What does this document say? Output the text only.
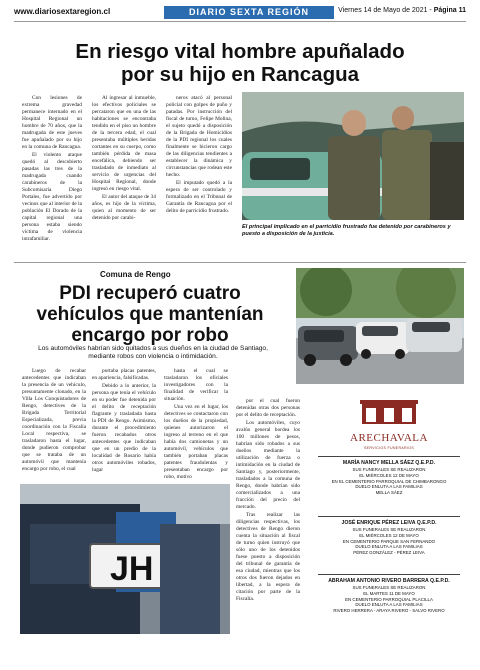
www.diariosextaregion.cl	DIARIO SEXTA REGIÓN	Viernes 14 de Mayo de 2021 - Página 11
En riesgo vital hombre apuñalado
por su hijo en Rancagua

Con lesiones de extrema gravedad permanece internado en el Hospital Regional un hombre de 70 años, que la madrugada de este jueves fue apuñalado por su hijo en la comuna de Rancagua.

El violento ataque quedó al descubierto pasadas las tres de la madrugada cuando carabineros de la Subcomisaría Diego Portales, fue advertido por vecinos que al interior de la población El Dorado de la capital regional una persona estaba siendo víctima de violencia intrafamiliar.

Al ingresar al inmueble, los efectivos policiales se percataron que en una de las habitaciones se encontraba tendido en el piso un hombre de la tercera edad, el cual presentaba múltiples heridas cortantes en su cuerpo, como también pérdida de masa encefálica, debiendo ser trasladado de inmediato al servicio de urgencias del Hospital Regional, donde ingresó en riesgo vital.

El autor del ataque de 34 años, es hijo de la víctima, quien al momento de ser detenido por carabi-

neros atacó al personal policial con golpes de puño y patadas. Por instrucción del fiscal de turno, Felipe Molina, el sujeto quedó a disposición de la Brigada de Homicidios de la PDI regional los cuales finalmente se hicieron cargo de las diligencias tendientes a establecer la dinámica y circunstancias que rodean este hecho.

El imputado quedó a la espera de ser controlado y formalizado en el Tribunal de Garantía de Rancagua por el delito de parricidio frustrado.

El principal implicado en el parricidio frustrado fue detenido por carabineros y puesto a disposición de la justicia.
Comuna de Rengo
PDI recuperó cuatro
vehículos que mantenían
encargo por robo
Los automóviles habrían sido quitados a sus dueños en la ciudad de Santiago,
mediante robos con violencia o intimidación.

Luego de recabar antecedentes que indicaban la presencia de un vehículo, presuntamente clonado, en la Villa Los Conquistadores de Rengo, detectives de la Brigada Territorial Especializada, previa coordinación con la Fiscalía Local respectiva, se trasladaron hasta el lugar, donde pudieron comprobar que se trataba de un automóvil que mantenía encargo por robo, el cual

portaba placas patentes, en apariencia, falsificadas.

Debido a lo anterior, la persona que tenía el vehículo en su poder fue detenida por el delito de receptación flagrante y trasladada hasta la PDI de Rengo. Asimismo, durante el procedimiento fueron recabados otros antecedentes que indicaban que en un predio de la localidad de Rosario había otros automóviles robados, lugar

hasta el cual se trasladaron los oficiales investigadores con la finalidad de verificar la situación.

Una vez en el lugar, los detectives se contactaron con los dueños de la propiedad, quienes autorizaron el ingreso al terreno en el que había dos camionetas y un automóvil, vehículos que también portaban placas patentes fraudulentas y presentaban encargo por robo, motivo

por el cual fueron detenidas otras dos personas por el delito de receptación.

Los automóviles, cuyo avalúo general bordea los 100 millones de pesos, habrían sido robados a sus dueños mediante la utilización de fuerza o intimidación en la ciudad de Santiago y, posteriormente, trasladados a la comuna de Rengo, donde habrían sido comercializados a una fracción del precio del mercado.

Tras realizar las diligencias respectivas, los detectives de Rengo dieron cuenta la situación al fiscal de turno quien instruyó que sólo uno de los detenidos fuese puesto a disposición del tribunal de garantía de esa ciudad, mientras que los otros dos fueron dejados en libertad, a la espera de citación por parte de la Fiscalía.

JH
ARECHAVALA
SERVICIOS FUNERARIOS
MARÍA NANCY MELLA SÁEZ Q.E.P.D.
SUS FUNERALES SE REALIZARON
EL MIÉRCOLES 12 DE MAYO
EN EL CEMENTERIO PARROQUIAL DE CHIMBARONGO
DUELO ENLUTA A LAS FAMILIAS
MELLA SÁEZ
JOSÉ ENRIQUE PÉREZ LEIVA Q.E.P.D.
SUS FUNERALES SE REALIZARON
EL MIÉRCOLES 12 DE MAYO
EN CEMENTERIO PARQUE SAN FERNANDO
DUELO ENLUTA A LAS FAMILIAS
PÉREZ GONZÁLEZ - PÉREZ LEIVA
ABRAHAM ANTONIO RIVERO BARRERA Q.E.P.D.
SUS FUNERALES SE REALIZARON
EL MARTES 11 DE MAYO
EN CEMENTERIO PARROQUIAL PLACILLA
DUELO ENLUTA A LAS FAMILIAS
RIVERO HERRERA - ARAYA RIVERO - SALVO RIVERO
